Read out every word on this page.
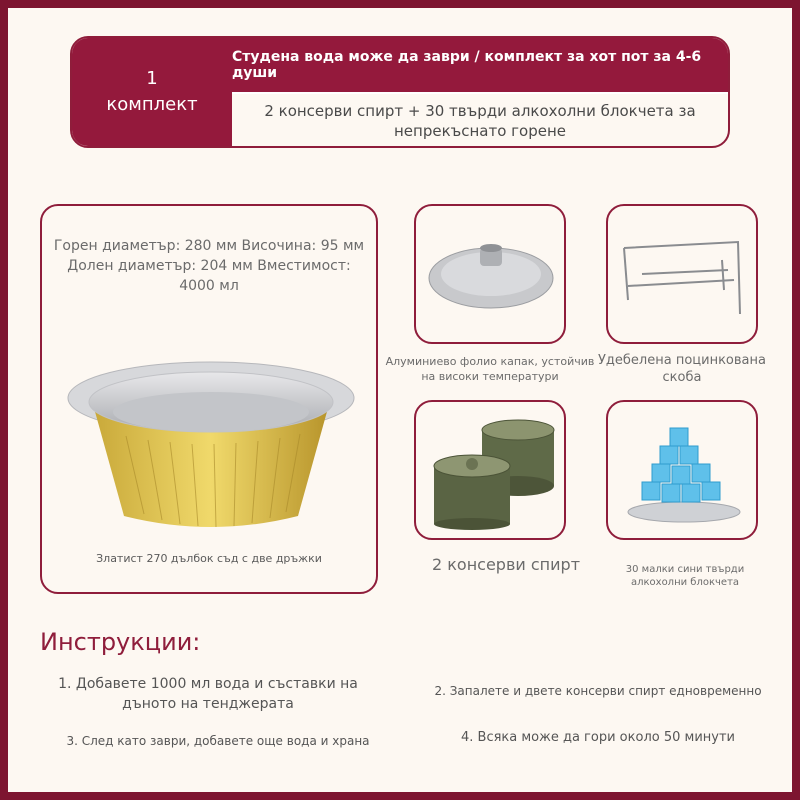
1
комплект
Студена вода може да заври / комплект за хот пот за 4-6 души
2 консерви спирт + 30 твърди алкохолни блокчета за непрекъснато горене
Горен диаметър: 280 мм Височина: 95 мм Долен диаметър: 204 мм Вместимост: 4000 мл
Златист 270 дълбок съд с две дръжки
Алуминиево фолио капак, устойчив на високи температури
Удебелена поцинкована скоба
2 консерви спирт	30 малки сини твърди алкохолни блокчета
Инструкции:
1. Добавете 1000 мл вода и съставки на дъното на тенджерата
2. Запалете и двете консерви спирт едновременно
3. След като заври, добавете още вода и храна	4. Всяка може да гори около 50 минути
